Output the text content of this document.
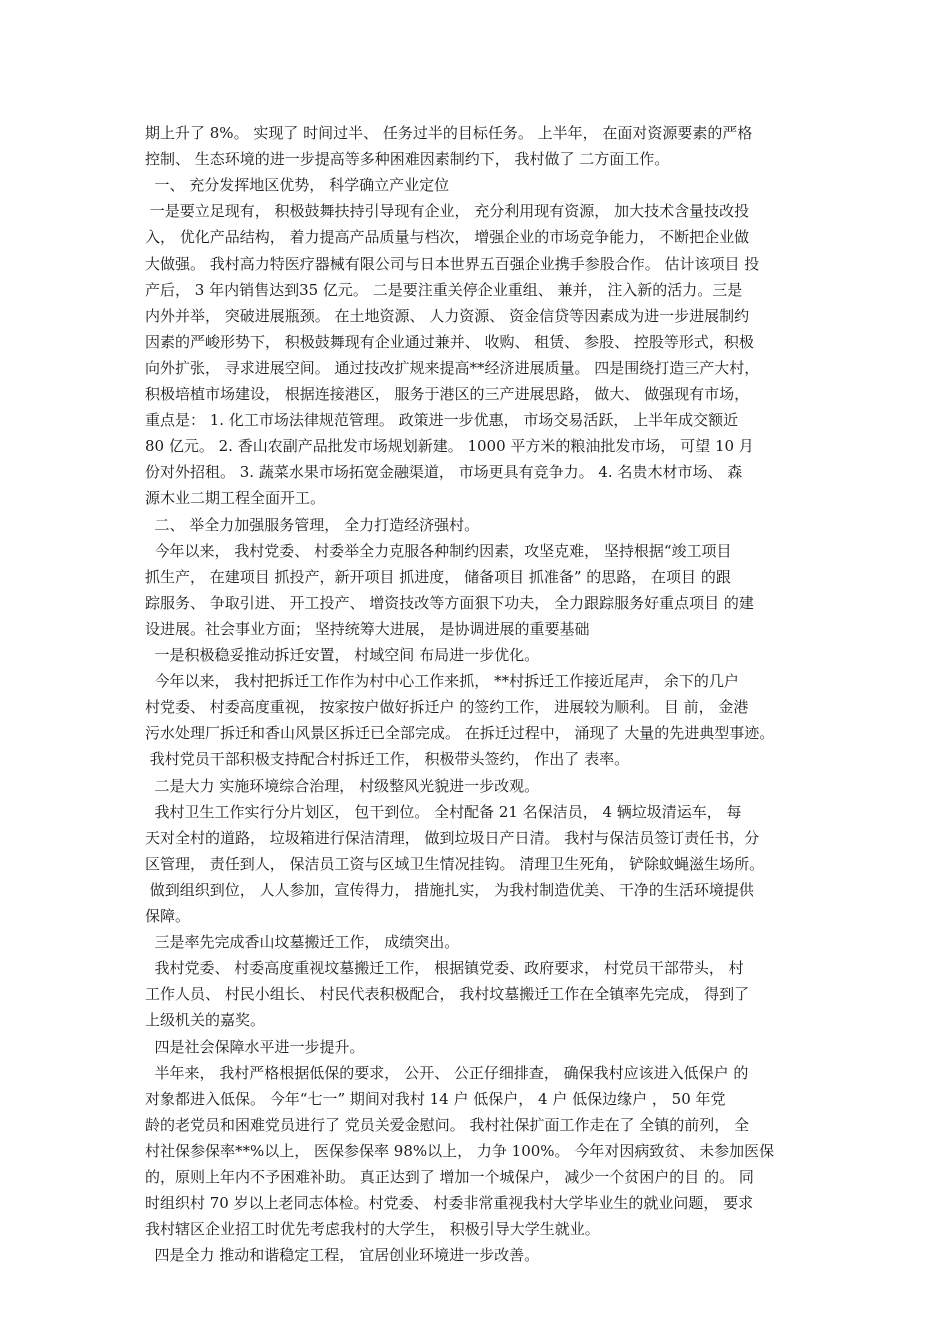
期上升了 8%。 实现了 时间过半、 任务过半的目标任务。 上半年， 在面对资源要素的严格
控制、 生态环境的进一步提高等多种困难因素制约下， 我村做了 二方面工作。
一、 充分发挥地区优势， 科学确立产业定位
一是要立足现有， 积极鼓舞扶持引导现有企业， 充分利用现有资源， 加大技术含量技改投
入， 优化产品结构， 着力提高产品质量与档次， 增强企业的市场竞争能力， 不断把企业做
大做强。 我村高力特医疗器械有限公司与日本世界五百强企业携手参股合作。 估计该项目 投
产后， 3 年内销售达到35 亿元。 二是要注重关停企业重组、 兼并， 注入新的活力。三是
内外并举， 突破进展瓶颈。 在土地资源、 人力资源、 资金信贷等因素成为进一步进展制约
因素的严峻形势下， 积极鼓舞现有企业通过兼并、 收购、 租赁、 参股、 控股等形式，积极
向外扩张， 寻求进展空间。 通过技改扩规来提高**经济进展质量。 四是围绕打造三产大村，
积极培植市场建设， 根据连接港区， 服务于港区的三产进展思路， 做大、 做强现有市场，
重点是： 1. 化工市场法律规范管理。 政策进一步优惠， 市场交易活跃， 上半年成交额近
80 亿元。 2. 香山农副产品批发市场规划新建。 1000 平方米的粮油批发市场， 可望 10 月
份对外招租。 3. 蔬菜水果市场拓宽金融渠道， 市场更具有竞争力。 4. 名贵木材市场、 森
源木业二期工程全面开工。
二、 举全力加强服务管理， 全力打造经济强村。
今年以来， 我村党委、 村委举全力克服各种制约因素，攻坚克难， 坚持根据“竣工项目
抓生产， 在建项目 抓投产，新开项目 抓进度， 储备项目 抓准备” 的思路， 在项目 的跟
踪服务、 争取引进、 开工投产、 增资技改等方面狠下功夫， 全力跟踪服务好重点项目 的建
设进展。社会事业方面； 坚持统筹大进展， 是协调进展的重要基础
一是积极稳妥推动拆迁安置， 村域空间 布局进一步优化。
今年以来， 我村把拆迁工作作为村中心工作来抓， **村拆迁工作接近尾声， 余下的几户
村党委、 村委高度重视， 按家按户做好拆迁户 的签约工作， 进展较为顺利。 目 前， 金港
污水处理厂拆迁和香山风景区拆迁已全部完成。 在拆迁过程中， 涌现了 大量的先进典型事迹。
我村党员干部积极支持配合村拆迁工作， 积极带头签约， 作出了 表率。
二是大力 实施环境综合治理， 村级整风光貌进一步改观。
我村卫生工作实行分片划区， 包干到位。 全村配备 21 名保洁员， 4 辆垃圾清运车， 每
天对全村的道路， 垃圾箱进行保洁清理， 做到垃圾日产日清。 我村与保洁员签订责任书，分
区管理， 责任到人， 保洁员工资与区域卫生情况挂钩。 清理卫生死角， 铲除蚊蝇滋生场所。
做到组织到位， 人人参加，宣传得力， 措施扎实， 为我村制造优美、 干净的生活环境提供
保障。
三是率先完成香山坟墓搬迁工作， 成绩突出。
我村党委、 村委高度重视坟墓搬迁工作， 根据镇党委、政府要求， 村党员干部带头， 村
工作人员、 村民小组长、 村民代表积极配合， 我村坟墓搬迁工作在全镇率先完成， 得到了
上级机关的嘉奖。
四是社会保障水平进一步提升。
半年来， 我村严格根据低保的要求， 公开、 公正仔细排查， 确保我村应该进入低保户 的
对象都进入低保。 今年“七一” 期间对我村 14 户 低保户， 4 户 低保边缘户 ， 50 年党
龄的老党员和困难党员进行了 党员关爱金慰问。 我村社保扩面工作走在了 全镇的前列， 全
村社保参保率**%以上， 医保参保率 98%以上， 力争 100%。 今年对因病致贫、 未参加医保
的，原则上年内不予困难补助。 真正达到了 增加一个城保户， 减少一个贫困户的目 的。 同
时组织村 70 岁以上老同志体检。村党委、 村委非常重视我村大学毕业生的就业问题， 要求
我村辖区企业招工时优先考虑我村的大学生， 积极引导大学生就业。
四是全力 推动和谐稳定工程， 宜居创业环境进一步改善。
